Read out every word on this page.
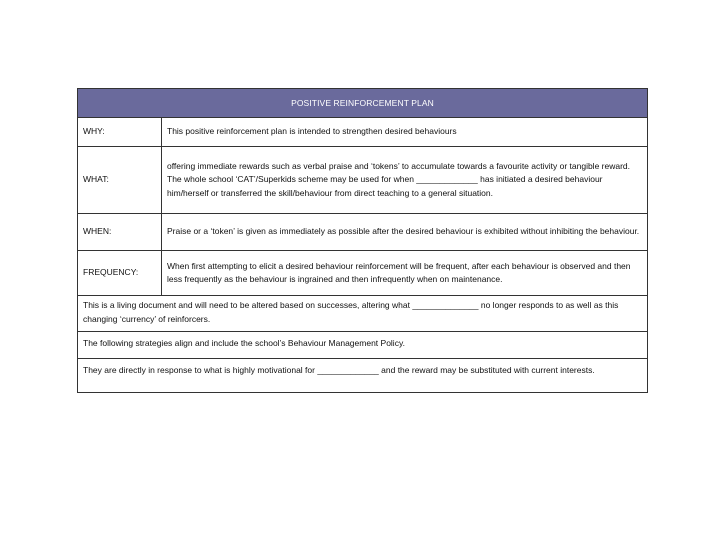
POSITIVE REINFORCEMENT PLAN
WHY:	This positive reinforcement plan is intended to strengthen desired behaviours
WHAT:
offering immediate rewards such as verbal praise and ‘tokens’ to accumulate towards a favourite activity or tangible reward. The whole school ‘CAT’/Superkids scheme may be used for when _____________ has initiated a desired behaviour him/herself or transferred the skill/behaviour from direct teaching to a general situation.
WHEN:	Praise or a ‘token’ is given as immediately as possible after the desired behaviour is exhibited without inhibiting the behaviour.
FREQUENCY:
When first attempting to elicit a desired behaviour reinforcement will be frequent, after each behaviour is observed and then less frequently as the behaviour is ingrained and then infrequently when on maintenance.
This is a living document and will need to be altered based on successes, altering what ______________ no longer responds to as well as this changing ‘currency’ of reinforcers.
The following strategies align and include the school’s Behaviour Management Policy.
They are directly in response to what is highly motivational for _____________ and the reward may be substituted with current interests.
